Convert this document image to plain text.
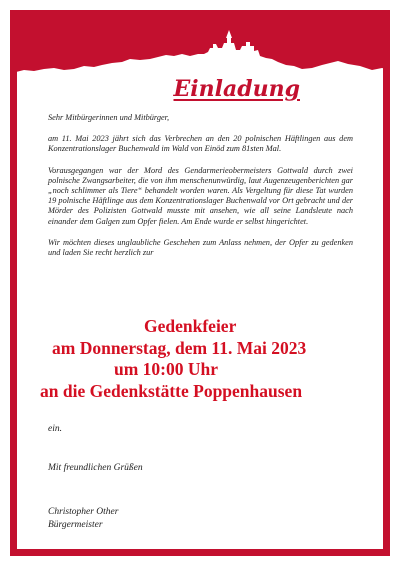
Einladung

Sehr Mitbürgerinnen und Mitbürger,

am 11. Mai 2023 jährt sich das Verbrechen an den 20 polnischen Häftlingen aus dem Konzentrationslager Buchenwald im Wald von Einöd zum 81sten Mal.

Vorausgegangen war der Mord des Gendarmerieobermeisters Gottwald durch zwei polnische Zwangsarbeiter, die von ihm menschenunwürdig, laut Augenzeugenberichten gar „noch schlimmer als Tiere“ behandelt worden waren. Als Vergeltung für diese Tat wurden 19 polnische Häftlinge aus dem Konzentrationslager Buchenwald vor Ort gebracht und der Mörder des Polizisten Gottwald musste mit ansehen, wie all seine Landsleute nach einander dem Galgen zum Opfer fielen. Am Ende wurde er selbst hingerichtet.

Wir möchten dieses unglaubliche Geschehen zum Anlass nehmen, der Opfer zu gedenken und laden Sie recht herzlich zur

Gedenkfeier
am Donnerstag, dem 11. Mai 2023
um 10:00 Uhr
an die Gedenkstätte Poppenhausen
ein.
Mit freundlichen Grüßen
Christopher Other
Bürgermeister
